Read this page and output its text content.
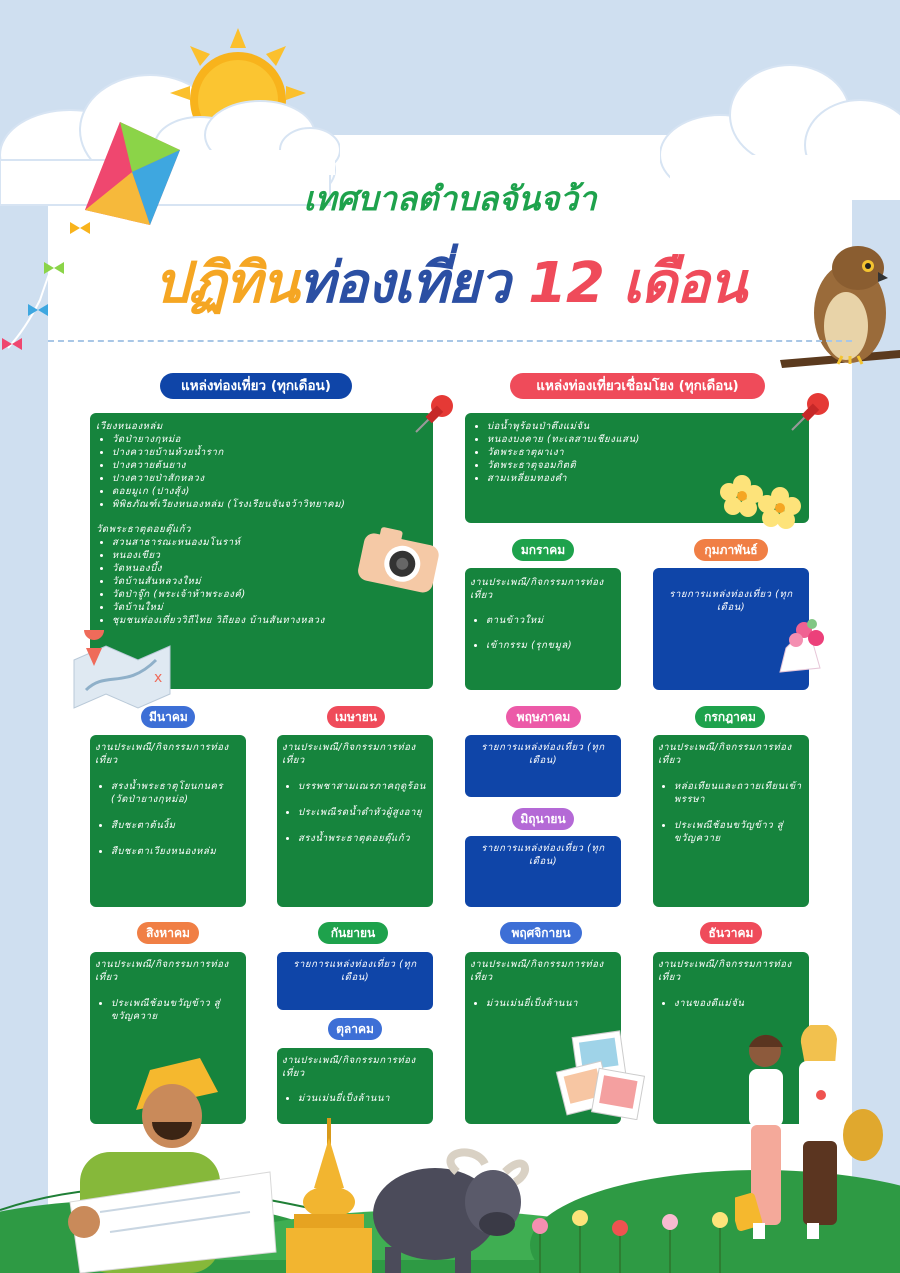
เทศบาลตำบลจันจว้า
ปฏิทินท่องเที่ยว 12 เดือน
แหล่งท่องเที่ยว (ทุกเดือน)	แหล่งท่องเที่ยวเชื่อมโยง (ทุกเดือน)
เวียงหนองหล่ม
• วัดป่ายางกฺหม่อ
• ปางควายบ้านห้วยน้ำราก
• ปางควายต้นยาง
• ปางควายป่าสักหลวง
• ดอยมูเก (ปางสุ้ง)
• พิพิธภัณฑ์เวียงหนองหล่ม (โรงเรียนจันจว้าวิทยาคม)
วัดพระธาตุดอยตุ๊แก้ว
• สวนสาธารณะหนองมโนราห์
• หนองเขียว
• วัดหนองบึ้ง
• วัดบ้านสันหลวงใหม่
• วัดป่าจู๊ก (พระเจ้าห้าพระองค์)
• วัดบ้านใหม่
• ชุมชนท่องเที่ยววิถีไทย วิถียอง บ้านสันทางหลวง
x
• บ่อน้ำพุร้อนป่าตึงแม่จัน
• หนองบงคาย (ทะเลสาบเชียงแสน)
• วัดพระธาตุผาเงา
• วัดพระธาตุจอมกิตติ
• สามเหลี่ยมทองคำ
มกราคม
งานประเพณี/กิจกรรมการท่องเที่ยว
• ตานข้าวใหม่
• เข้ากรรม (รุกขมูล)
กุมภาพันธ์
รายการแหล่งท่องเที่ยว (ทุกเดือน)
มีนาคม
งานประเพณี/กิจกรรมการท่องเที่ยว
• สรงน้ำพระธาตุโยนกนคร (วัดป่ายางกฺหม่อ)
• สืบชะตาต้นงิ้ม
• สืบชะตาเวียงหนองหล่ม
เมษายน
งานประเพณี/กิจกรรมการท่องเที่ยว
• บรรพชาสามเณรภาคฤดูร้อน
• ประเพณีรดน้ำดำหัวผู้สูงอายุ
• สรงน้ำพระธาตุดอยตุ๊แก้ว
พฤษภาคม
รายการแหล่งท่องเที่ยว (ทุกเดือน)
มิถุนายน
รายการแหล่งท่องเที่ยว (ทุกเดือน)
กรกฎาคม
งานประเพณี/กิจกรรมการท่องเที่ยว
• หล่อเทียนและถวายเทียนเข้าพรรษา
• ประเพณีช้อนขวัญข้าว สู่ขวัญควาย
สิงหาคม
งานประเพณี/กิจกรรมการท่องเที่ยว
• ประเพณีช้อนขวัญข้าว สู่ขวัญควาย
กันยายน
รายการแหล่งท่องเที่ยว (ทุกเดือน)
ตุลาคม
งานประเพณี/กิจกรรมการท่องเที่ยว
• ม่วนเม่นยี่เป็งล้านนา
พฤศจิกายน
งานประเพณี/กิจกรรมการท่องเที่ยว
• ม่วนเม่นยี่เป็งล้านนา
ธันวาคม
งานประเพณี/กิจกรรมการท่องเที่ยว
• งานของดีแม่จัน
